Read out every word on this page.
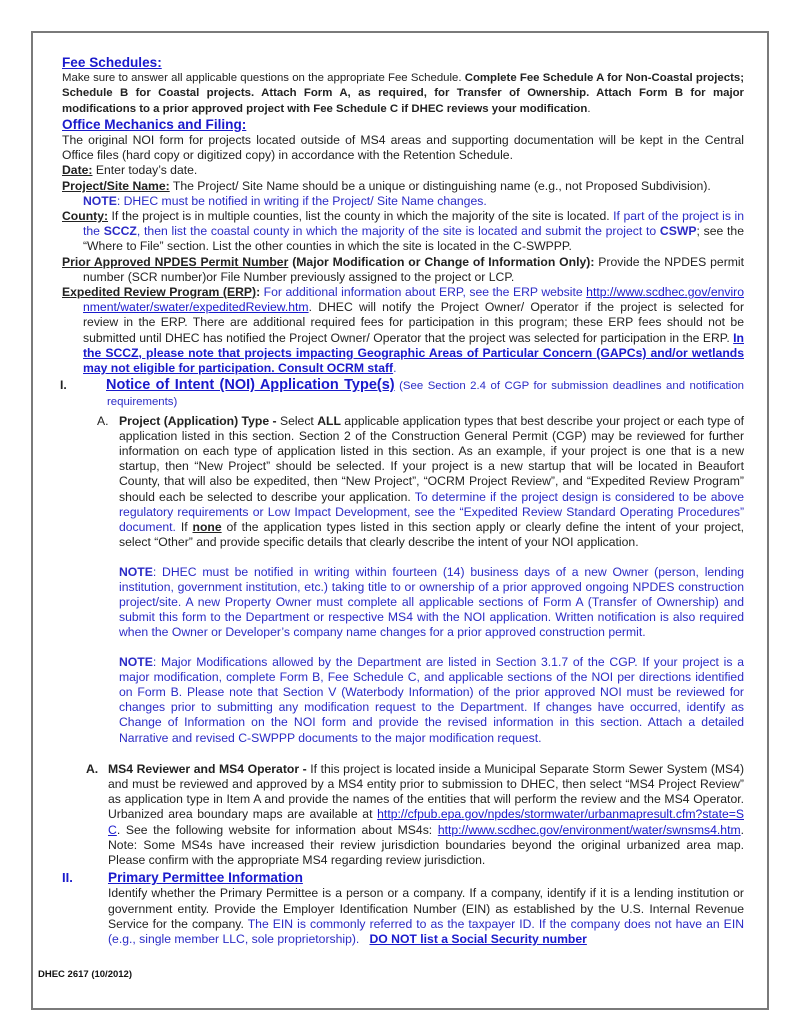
Fee Schedules:
Make sure to answer all applicable questions on the appropriate Fee Schedule. Complete Fee Schedule A for Non-Coastal projects; Schedule B for Coastal projects. Attach Form A, as required, for Transfer of Ownership. Attach Form B for major modifications to a prior approved project with Fee Schedule C if DHEC reviews your modification.
Office Mechanics and Filing:
The original NOI form for projects located outside of MS4 areas and supporting documentation will be kept in the Central Office files (hard copy or digitized copy) in accordance with the Retention Schedule.
Date: Enter today’s date.
Project/Site Name: The Project/ Site Name should be a unique or distinguishing name (e.g., not Proposed Subdivision).
NOTE: DHEC must be notified in writing if the Project/ Site Name changes.
County: If the project is in multiple counties, list the county in which the majority of the site is located. If part of the project is in the SCCZ, then list the coastal county in which the majority of the site is located and submit the project to CSWP; see the “Where to File” section. List the other counties in which the site is located in the C-SWPPP.
Prior Approved NPDES Permit Number (Major Modification or Change of Information Only): Provide the NPDES permit number (SCR number)or File Number previously assigned to the project or LCP.
Expedited Review Program (ERP): For additional information about ERP, see the ERP website http://www.scdhec.gov/environment/water/swater/expeditedReview.htm. DHEC will notify the Project Owner/ Operator if the project is selected for review in the ERP. There are additional required fees for participation in this program; these ERP fees should not be submitted until DHEC has notified the Project Owner/ Operator that the project was selected for participation in the ERP. In the SCCZ, please note that projects impacting Geographic Areas of Particular Concern (GAPCs) and/or wetlands may not eligible for participation. Consult OCRM staff.
I.	Notice of Intent (NOI) Application Type(s) (See Section 2.4 of CGP for submission deadlines and notification requirements)
A. Project (Application) Type - Select ALL applicable application types that best describe your project or each type of application listed in this section. Section 2 of the Construction General Permit (CGP) may be reviewed for further information on each type of application listed in this section. As an example, if your project is one that is a new startup, then “New Project” should be selected. If your project is a new startup that will be located in Beaufort County, that will also be expedited, then “New Project”, “OCRM Project Review”, and “Expedited Review Program” should each be selected to describe your application. To determine if the project design is considered to be above regulatory requirements or Low Impact Development, see the “Expedited Review Standard Operating Procedures” document. If none of the application types listed in this section apply or clearly define the intent of your project, select “Other” and provide specific details that clearly describe the intent of your NOI application.
NOTE: DHEC must be notified in writing within fourteen (14) business days of a new Owner (person, lending institution, government institution, etc.) taking title to or ownership of a prior approved ongoing NPDES construction project/site. A new Property Owner must complete all applicable sections of Form A (Transfer of Ownership) and submit this form to the Department or respective MS4 with the NOI application. Written notification is also required when the Owner or Developer’s company name changes for a prior approved construction permit.
NOTE: Major Modifications allowed by the Department are listed in Section 3.1.7 of the CGP. If your project is a major modification, complete Form B, Fee Schedule C, and applicable sections of the NOI per directions identified on Form B. Please note that Section V (Waterbody Information) of the prior approved NOI must be reviewed for changes prior to submitting any modification request to the Department. If changes have occurred, identify as Change of Information on the NOI form and provide the revised information in this section. Attach a detailed Narrative and revised C-SWPPP documents to the major modification request.
A. MS4 Reviewer and MS4 Operator - If this project is located inside a Municipal Separate Storm Sewer System (MS4) and must be reviewed and approved by a MS4 entity prior to submission to DHEC, then select “MS4 Project Review” as application type in Item A and provide the names of the entities that will perform the review and the MS4 Operator. Urbanized area boundary maps are available at http://cfpub.epa.gov/npdes/stormwater/urbanmapresult.cfm?state=SC. See the following website for information about MS4s: http://www.scdhec.gov/environment/water/swnsms4.htm. Note: Some MS4s have increased their review jurisdiction boundaries beyond the original urbanized area map. Please confirm with the appropriate MS4 regarding review jurisdiction.
II.	Primary Permittee Information
Identify whether the Primary Permittee is a person or a company. If a company, identify if it is a lending institution or government entity. Provide the Employer Identification Number (EIN) as established by the U.S. Internal Revenue Service for the company. The EIN is commonly referred to as the taxpayer ID. If the company does not have an EIN (e.g., single member LLC, sole proprietorship). DO NOT list a Social Security number
DHEC 2617 (10/2012)
